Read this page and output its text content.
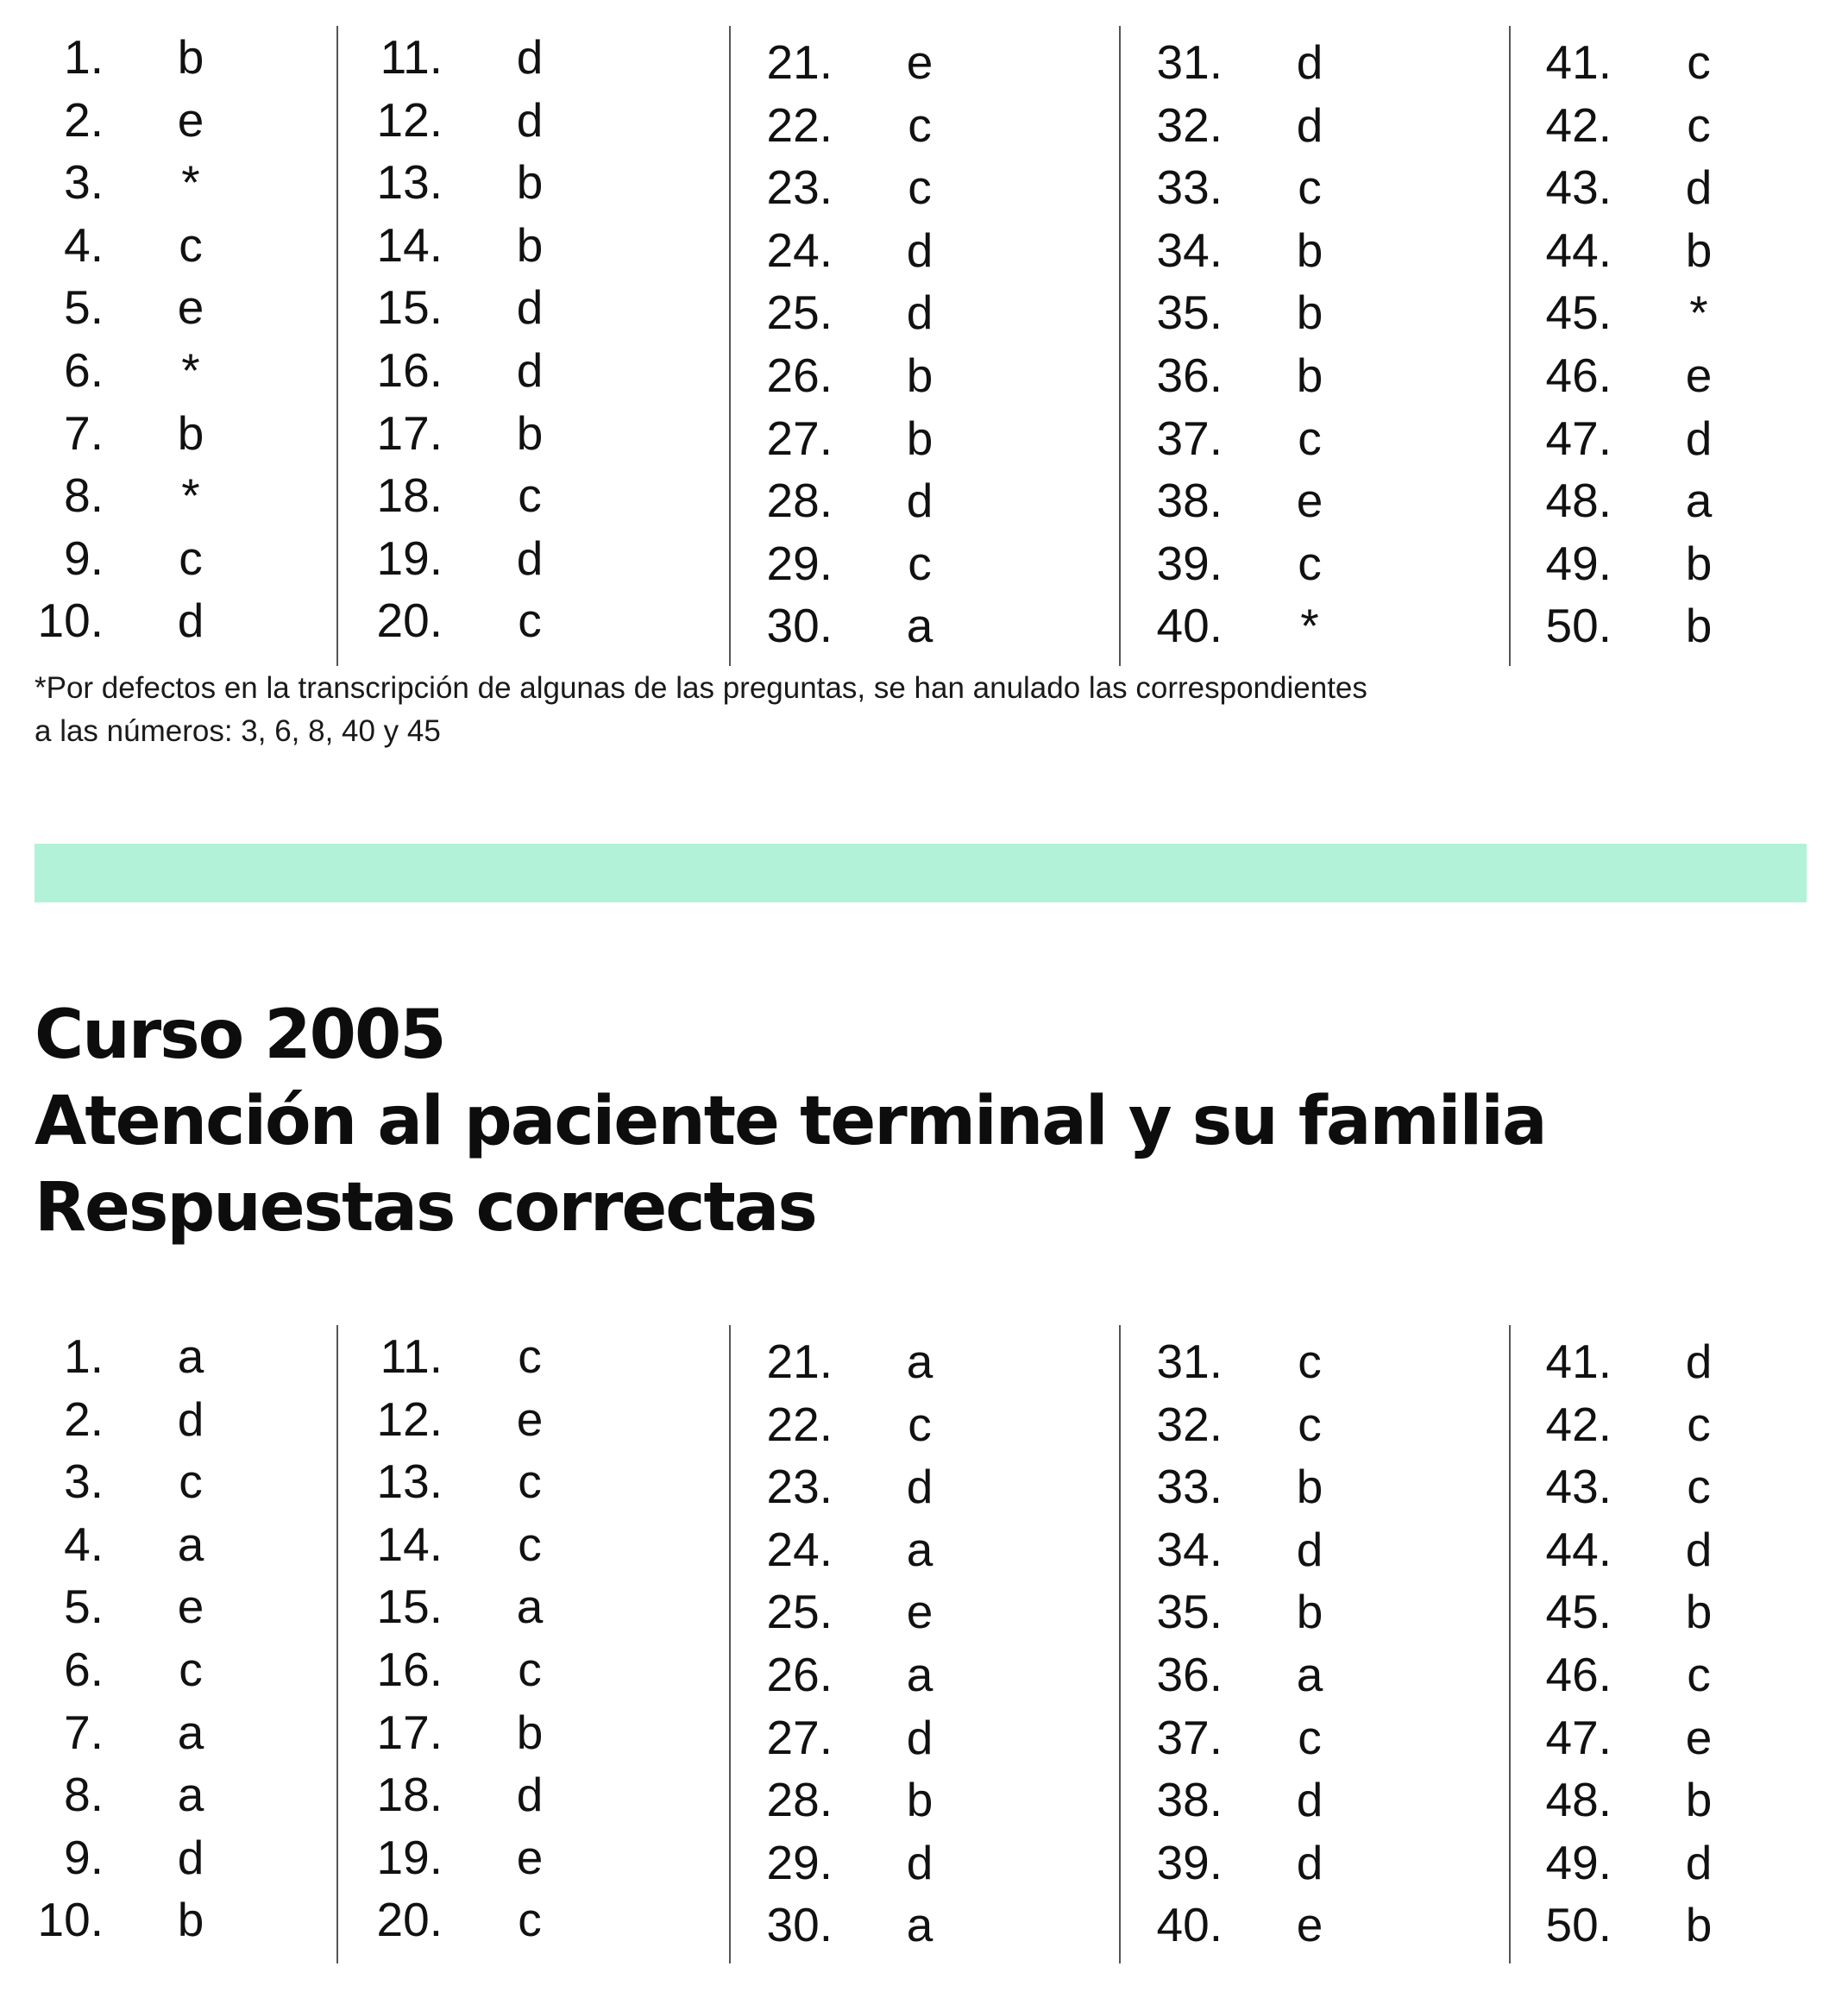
1.	b
2.	e
3.	*
4.	c
5.	e
6.	*
7.	b
8.	*
9.	c
10.	d
11.	d
12.	d
13.	b
14.	b
15.	d
16.	d
17.	b
18.	c
19.	d
20.	c
21.	e
22.	c
23.	c
24.	d
25.	d
26.	b
27.	b
28.	d
29.	c
30.	a
31.	d
32.	d
33.	c
34.	b
35.	b
36.	b
37.	c
38.	e
39.	c
40.	*
41.	c
42.	c
43.	d
44.	b
45.	*
46.	e
47.	d
48.	a
49.	b
50.	b
*Por defectos en la transcripción de algunas de las preguntas, se han anulado las correspondientes
a las números: 3, 6, 8, 40 y 45
Curso 2005
Atención al paciente terminal y su familia
Respuestas correctas
1.	a
2.	d
3.	c
4.	a
5.	e
6.	c
7.	a
8.	a
9.	d
10.	b
11.	c
12.	e
13.	c
14.	c
15.	a
16.	c
17.	b
18.	d
19.	e
20.	c
21.	a
22.	c
23.	d
24.	a
25.	e
26.	a
27.	d
28.	b
29.	d
30.	a
31.	c
32.	c
33.	b
34.	d
35.	b
36.	a
37.	c
38.	d
39.	d
40.	e
41.	d
42.	c
43.	c
44.	d
45.	b
46.	c
47.	e
48.	b
49.	d
50.	b
